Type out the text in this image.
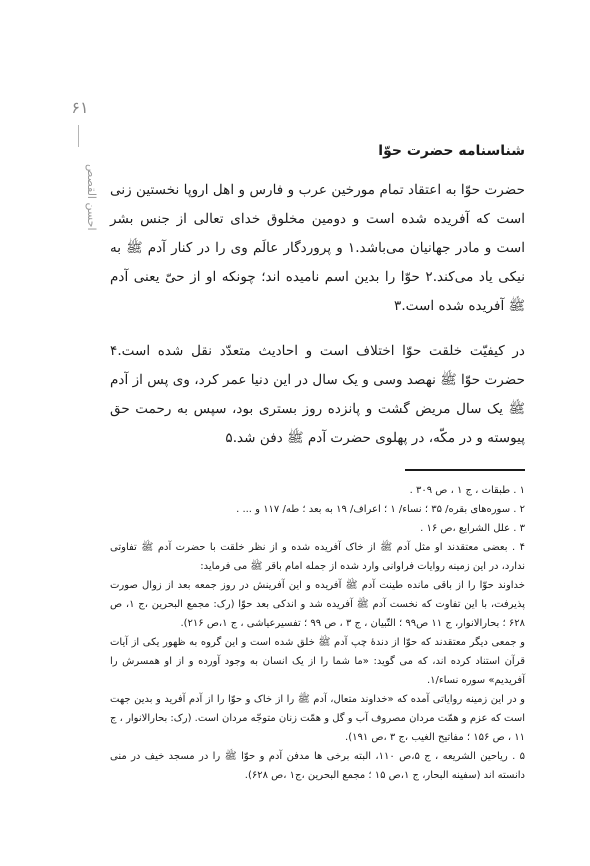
۶۱
احسن القصص
شناسنامه حضرت حوّا

حضرت حوّا به اعتقاد تمام مورخین عرب و فارس و اهل اروپا نخستین زنی است که آفریده شده است و دومین مخلوق خدای تعالی از جنس بشر است و مادر جهانیان می‌باشد.۱ و پروردگار عالَم وی را در کنار آدم ﷺ به نیکی یاد می‌کند.۲ حوّا را بدین اسم نامیده اند؛ چونکه او از حیّ یعنی آدم ﷺ آفریده شده است.۳

در کیفیّت خلقت حوّا اختلاف است و احادیث متعدّد نقل شده است.۴ حضرت حوّا ﷺ نهصد وسی و یک سال در این دنیا عمر کرد، وی پس از آدم ﷺ یک سال مریض گشت و پانزده روز بستری بود، سپس به رحمت حق پیوسته و در مکّه، در پهلوی حضرت آدم ﷺ دفن شد.۵

۱ . طبقات ، ج ۱ ، ص ۳۰۹ .

۲ . سوره‌های بقره/ ۳۵ ؛ نساء/ ۱ ؛ اعراف/ ۱۹ به بعد ؛ طه/ ۱۱۷ و ... .

۳ . علل الشرایع ،ص ۱۶ .

۴ . بعضی معتقدند او مثل آدم ﷺ از خاک آفریده شده و از نظر خلقت با حضرت آدم ﷺ تفاوتی ندارد، در این زمینه روایات فراوانی وارد شده از جمله امام باقر ﷺ می فرماید:

خداوند حوّا را از باقی مانده طینت آدم ﷺ آفریده و این آفرینش در روز جمعه بعد از زوال صورت پذیرفت، با این تفاوت که نخست آدم ﷺ آفریده شد و اندکی بعد حوّا (رک: مجمع البحرین ،ج ۱، ص ۶۲۸ ؛ بحارالانوار، ج ۱۱ ص۹۹ ؛ التّبیان ، ج ۳ ، ص ۹۹ ؛ تفسیرعیاشی ، ج ۱،ص ۲۱۶).

و جمعی دیگر معتقدند که حوّا از دندهٔ چپ آدم ﷺ خلق شده است و این گروه به ظهور یکی از آیات قرآن استناد کرده اند، که می گوید: «ما شما را از یک انسان به وجود آورده و از او همسرش را آفریدیم» سوره نساء/۱.

و در این زمینه روایاتی آمده که «خداوند متعال، آدم ﷺ را از خاک و حوّا را از آدم آفرید و بدین جهت است که عزم و همّت مردان مصروف آب و گل و همّت زنان متوجّه مردان است. (رک: بحارالانوار ، ج ۱۱ ، ص ۱۵۶ ؛ مفاتیح الغیب ،ج ۳ ،ص ۱۹۱).

۵ . ریاحین الشریعه ، ج ۵،ص ۱۱۰، البته برخی ها مدفن آدم و حوّا ﷺ را در مسجد خیف در منی دانسته اند (سفینه البحار، ج ۱،ص ۱۵ ؛ مجمع البحرین ،ج۱ ،ص ۶۲۸).
